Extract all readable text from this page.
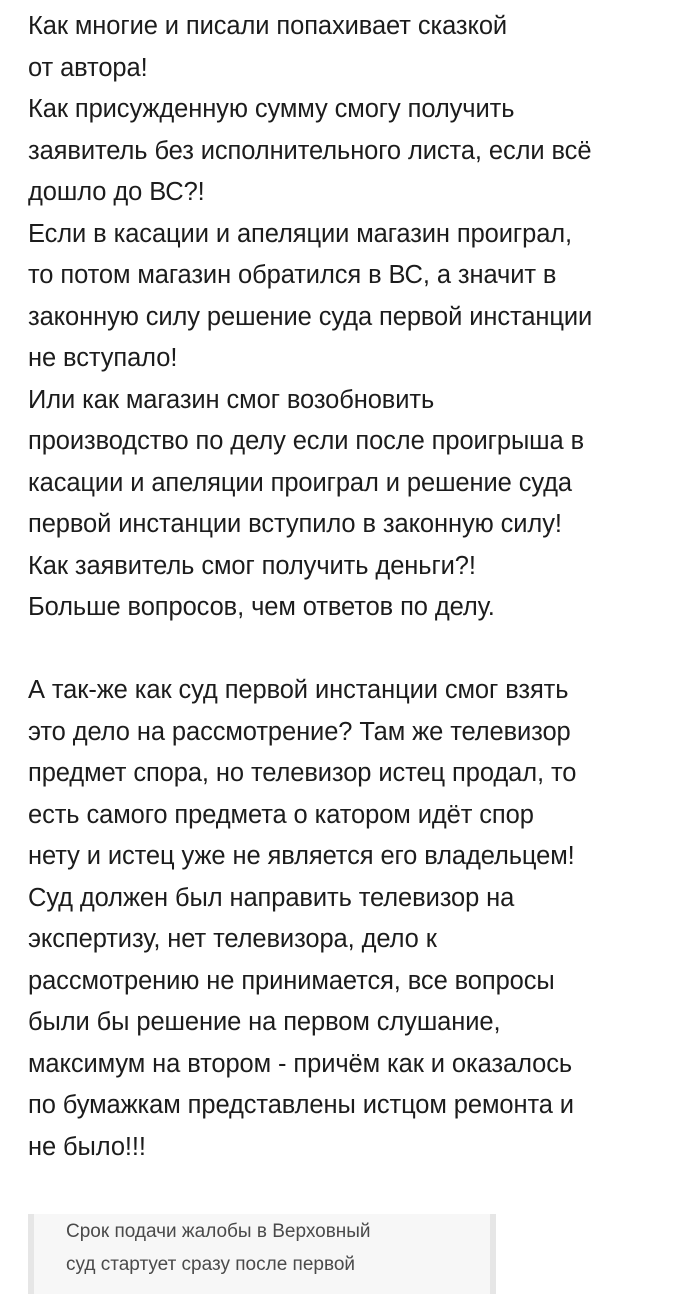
Как многие и писали попахивает сказкой
от автора!
Как присужденную сумму смогу получить
заявитель без исполнительного листа, если всё
дошло до ВС?!
Если в касации и апеляции магазин проиграл,
то потом магазин обратился в ВС, а значит в
законную силу решение суда первой инстанции
не вступало!
Или как магазин смог возобновить
производство по делу если после проигрыша в
касации и апеляции проиграл и решение суда
первой инстанции вступило в законную силу!
Как заявитель смог получить деньги?!
Больше вопросов, чем ответов по делу.
А так-же как суд первой инстанции смог взять
это дело на рассмотрение? Там же телевизор
предмет спора, но телевизор истец продал, то
есть самого предмета о катором идёт спор
нету и истец уже не является его владельцем!
Суд должен был направить телевизор на
экспертизу, нет телевизора, дело к
рассмотрению не принимается, все вопросы
были бы решение на первом слушание,
максимум на втором - причём как и оказалось
по бумажкам представлены истцом ремонта и
не было!!!
Срок подачи жалобы в Верховный
суд стартует сразу после первой
